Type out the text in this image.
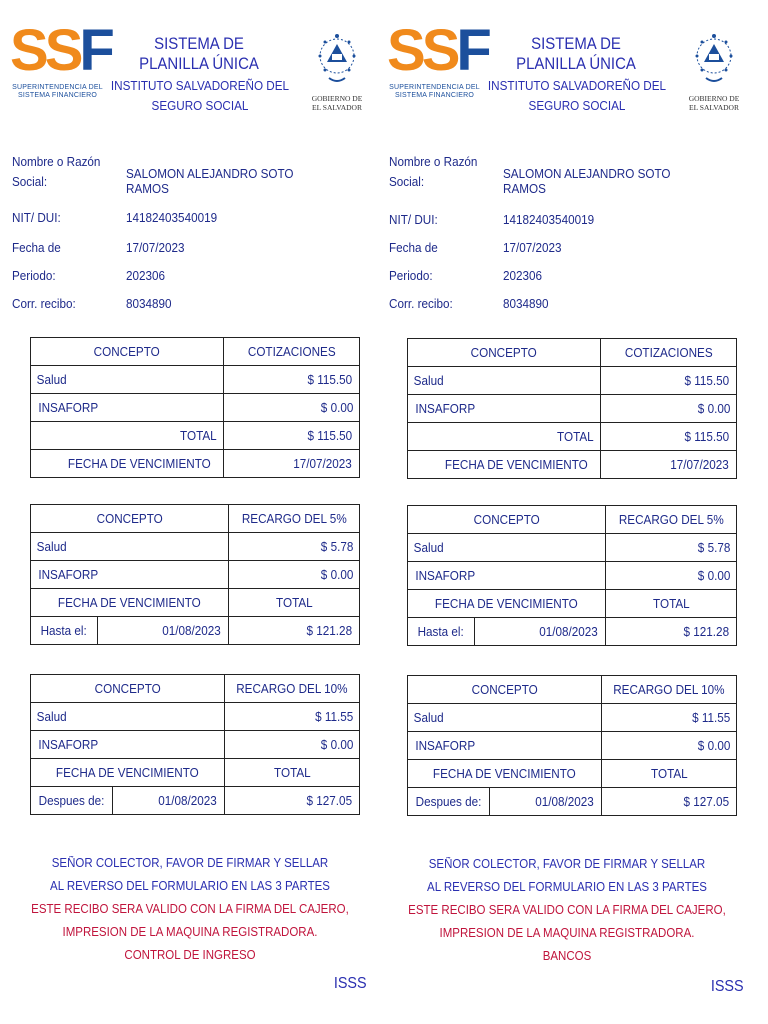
SSF
SUPERINTENDENCIA DEL SISTEMA FINANCIERO
SISTEMA DE PLANILLA ÚNICA
INSTITUTO SALVADOREÑO DEL SEGURO SOCIAL	GOBIERNO DE
EL SALVADOR
Nombre o Razón Social:
SALOMON ALEJANDRO SOTO RAMOS
NIT/ DUI:	14182403540019
Fecha de	17/07/2023
Periodo:	202306
Corr. recibo:	8034890
CONCEPTO	COTIZACIONES
Salud	$ 115.50
INSAFORP	$ 0.00
TOTAL	$ 115.50
FECHA DE VENCIMIENTO	17/07/2023
CONCEPTO		RECARGO DEL 5%
Salud		$ 5.78
INSAFORP		$ 0.00
FECHA DE VENCIMIENTO		TOTAL
Hasta el:	01/08/2023	$ 121.28
CONCEPTO		RECARGO DEL 10%
Salud		$ 11.55
INSAFORP		$ 0.00
FECHA DE VENCIMIENTO		TOTAL
Despues de:	01/08/2023	$ 127.05
SEÑOR COLECTOR, FAVOR DE FIRMAR Y SELLAR
AL REVERSO DEL FORMULARIO EN LAS 3 PARTES
ESTE RECIBO SERA VALIDO CON LA FIRMA DEL CAJERO,
IMPRESION DE LA MAQUINA REGISTRADORA.
CONTROL DE INGRESO
ISSS
SSF
SUPERINTENDENCIA DEL SISTEMA FINANCIERO
SISTEMA DE PLANILLA ÚNICA
INSTITUTO SALVADOREÑO DEL SEGURO SOCIAL	GOBIERNO DE
EL SALVADOR
Nombre o Razón Social:
SALOMON ALEJANDRO SOTO RAMOS
NIT/ DUI:	14182403540019
Fecha de	17/07/2023
Periodo:	202306
Corr. recibo:	8034890
CONCEPTO	COTIZACIONES
Salud	$ 115.50
INSAFORP	$ 0.00
TOTAL	$ 115.50
FECHA DE VENCIMIENTO	17/07/2023
CONCEPTO		RECARGO DEL 5%
Salud		$ 5.78
INSAFORP		$ 0.00
FECHA DE VENCIMIENTO		TOTAL
Hasta el:	01/08/2023	$ 121.28
CONCEPTO		RECARGO DEL 10%
Salud		$ 11.55
INSAFORP		$ 0.00
FECHA DE VENCIMIENTO		TOTAL
Despues de:	01/08/2023	$ 127.05
SEÑOR COLECTOR, FAVOR DE FIRMAR Y SELLAR
AL REVERSO DEL FORMULARIO EN LAS 3 PARTES
ESTE RECIBO SERA VALIDO CON LA FIRMA DEL CAJERO,
IMPRESION DE LA MAQUINA REGISTRADORA.
BANCOS
ISSS
